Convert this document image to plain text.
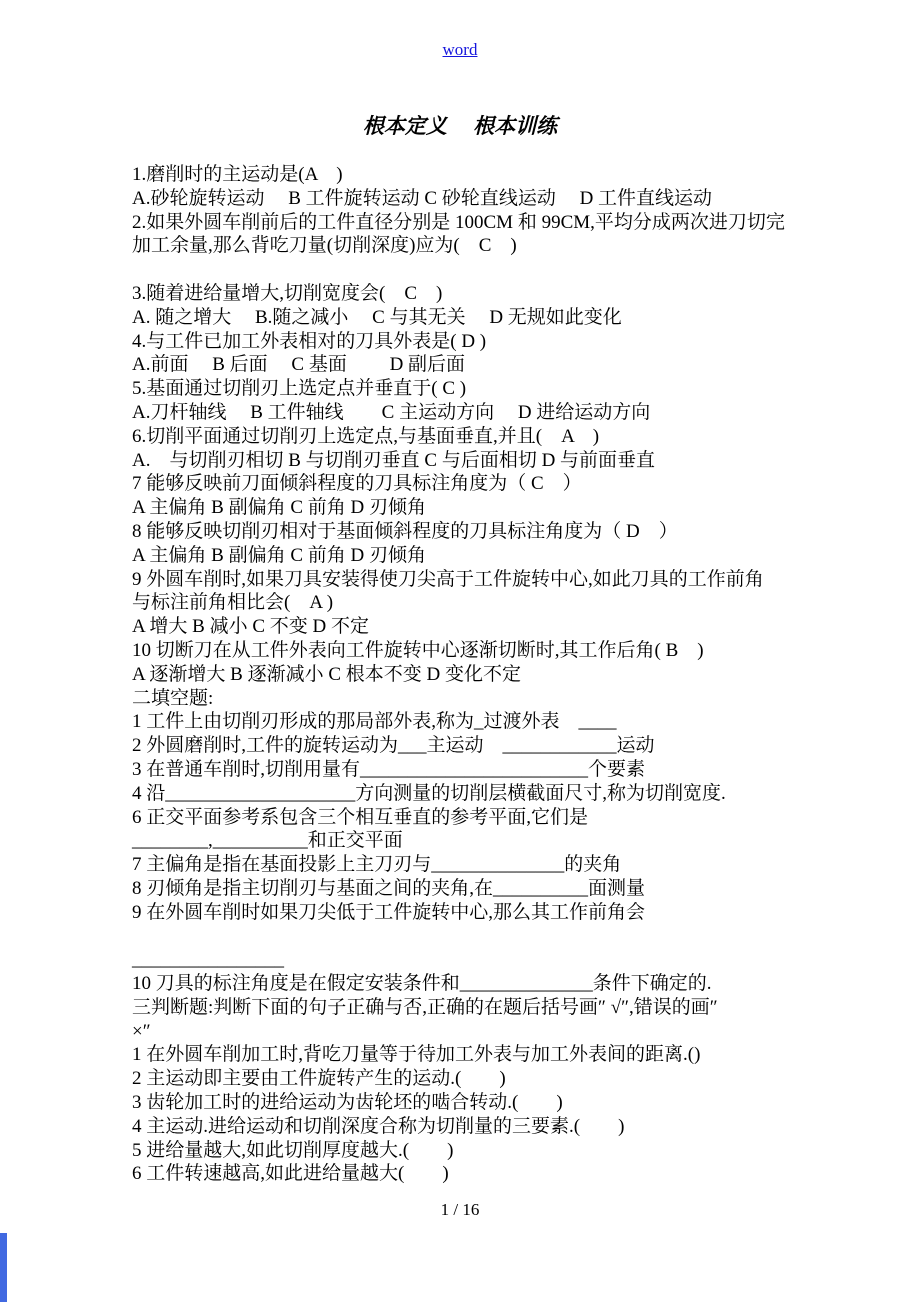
word
根本定义　 根本训练
1.磨削时的主运动是(A　)
A.砂轮旋转运动　 B 工件旋转运动 C 砂轮直线运动　 D 工件直线运动
2.如果外圆车削前后的工件直径分别是 100CM 和 99CM,平均分成两次进刀切完
加工余量,那么背吃刀量(切削深度)应为(　C　)
3.随着进给量增大,切削宽度会(　C　)
A. 随之增大　 B.随之减小　 C 与其无关　 D 无规如此变化
4.与工件已加工外表相对的刀具外表是( D )
A.前面　 B 后面　 C 基面　　 D 副后面
5.基面通过切削刃上选定点并垂直于( C )
A.刀杆轴线　 B 工件轴线　　C 主运动方向　 D 进给运动方向
6.切削平面通过切削刃上选定点,与基面垂直,并且(　A　)
A.　与切削刃相切 B 与切削刃垂直 C 与后面相切 D 与前面垂直
7 能够反映前刀面倾斜程度的刀具标注角度为（ C　）
A 主偏角 B 副偏角 C 前角 D 刃倾角
8 能够反映切削刃相对于基面倾斜程度的刀具标注角度为（ D　）
A 主偏角 B 副偏角 C 前角 D 刃倾角
9 外圆车削时,如果刀具安装得使刀尖高于工件旋转中心,如此刀具的工作前角
与标注前角相比会(　A )
A 增大 B 减小 C 不变 D 不定
10 切断刀在从工件外表向工件旋转中心逐渐切断时,其工作后角( B　)
A 逐渐增大 B 逐渐减小 C 根本不变 D 变化不定
二填空题:
1 工件上由切削刃形成的那局部外表,称为_过渡外表　____
2 外圆磨削时,工件的旋转运动为___主运动　____________运动
3 在普通车削时,切削用量有________________________个要素
4 沿____________________方向测量的切削层横截面尺寸,称为切削宽度.
6 正交平面参考系包含三个相互垂直的参考平面,它们是
________,__________和正交平面
7 主偏角是指在基面投影上主刀刃与______________的夹角
8 刃倾角是指主切削刃与基面之间的夹角,在__________面测量
9 在外圆车削时如果刀尖低于工件旋转中心,那么其工作前角会
________________
10 刀具的标注角度是在假定安装条件和______________条件下确定的.
三判断题:判断下面的句子正确与否,正确的在题后括号画″ √″,错误的画″
×″
1 在外圆车削加工时,背吃刀量等于待加工外表与加工外表间的距离.()
2 主运动即主要由工件旋转产生的运动.(　　)
3 齿轮加工时的进给运动为齿轮坯的啮合转动.(　　)
4 主运动.进给运动和切削深度合称为切削量的三要素.(　　)
5 进给量越大,如此切削厚度越大.(　　)
6 工件转速越高,如此进给量越大(　　)
1 / 16
